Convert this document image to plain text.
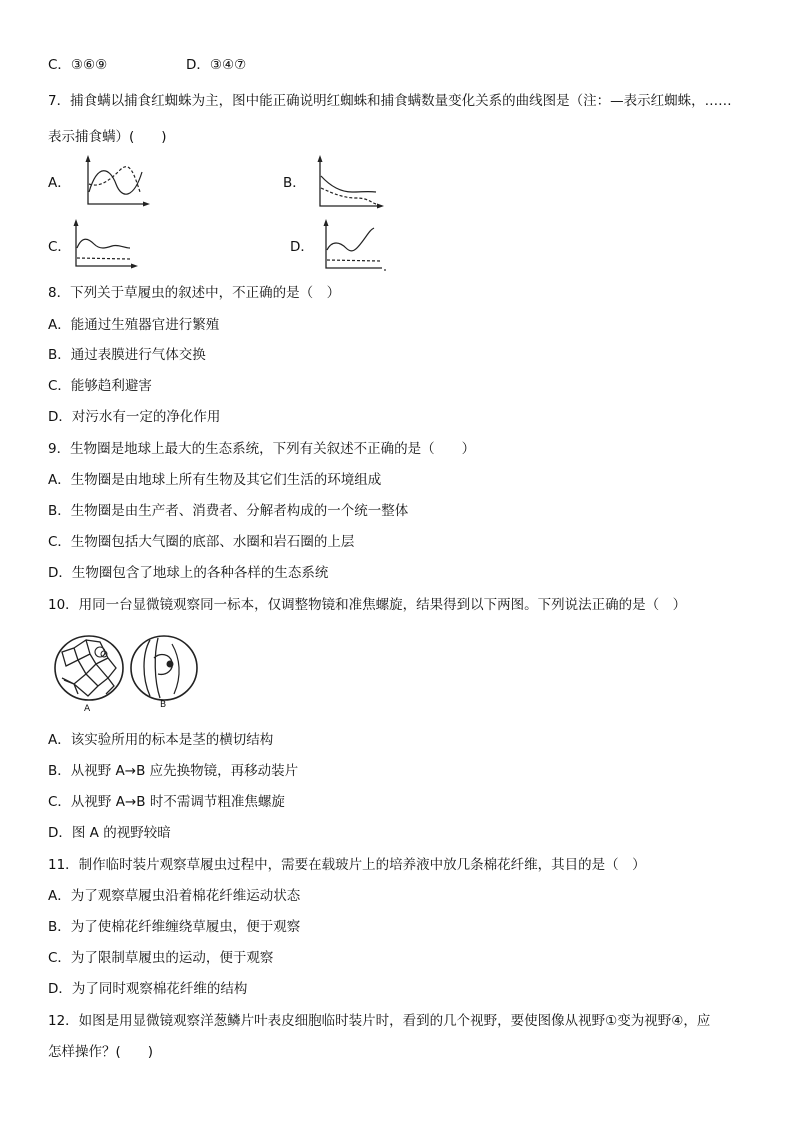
C．③⑥⑨	D．③④⑦
7．捕食螨以捕食红蜘蛛为主，图中能正确说明红蜘蛛和捕食螨数量变化关系的曲线图是（注：—表示红蜘蛛，……
表示捕食螨）(　　)
A．	B．
C．	D．
8．下列关于草履虫的叙述中，不正确的是（　）
A．能通过生殖器官进行繁殖
B．通过表膜进行气体交换
C．能够趋利避害
D．对污水有一定的净化作用
9．生物圈是地球上最大的生态系统，下列有关叙述不正确的是（　　）
A．生物圈是由地球上所有生物及其它们生活的环境组成
B．生物圈是由生产者、消费者、分解者构成的一个统一整体
C．生物圈包括大气圈的底部、水圈和岩石圈的上层
D．生物圈包含了地球上的各种各样的生态系统
10．用同一台显微镜观察同一标本，仅调整物镜和准焦螺旋，结果得到以下两图。下列说法正确的是（　）
A	B
A．该实验所用的标本是茎的横切结构
B．从视野 A→B 应先换物镜，再移动装片
C．从视野 A→B 时不需调节粗准焦螺旋
D．图 A 的视野较暗
11．制作临时装片观察草履虫过程中，需要在载玻片上的培养液中放几条棉花纤维，其目的是（　）
A．为了观察草履虫沿着棉花纤维运动状态
B．为了使棉花纤维缠绕草履虫，便于观察
C．为了限制草履虫的运动，便于观察
D．为了同时观察棉花纤维的结构
12．如图是用显微镜观察洋葱鳞片叶表皮细胞临时装片时，看到的几个视野，要使图像从视野①变为视野④，应
怎样操作？(　　)
